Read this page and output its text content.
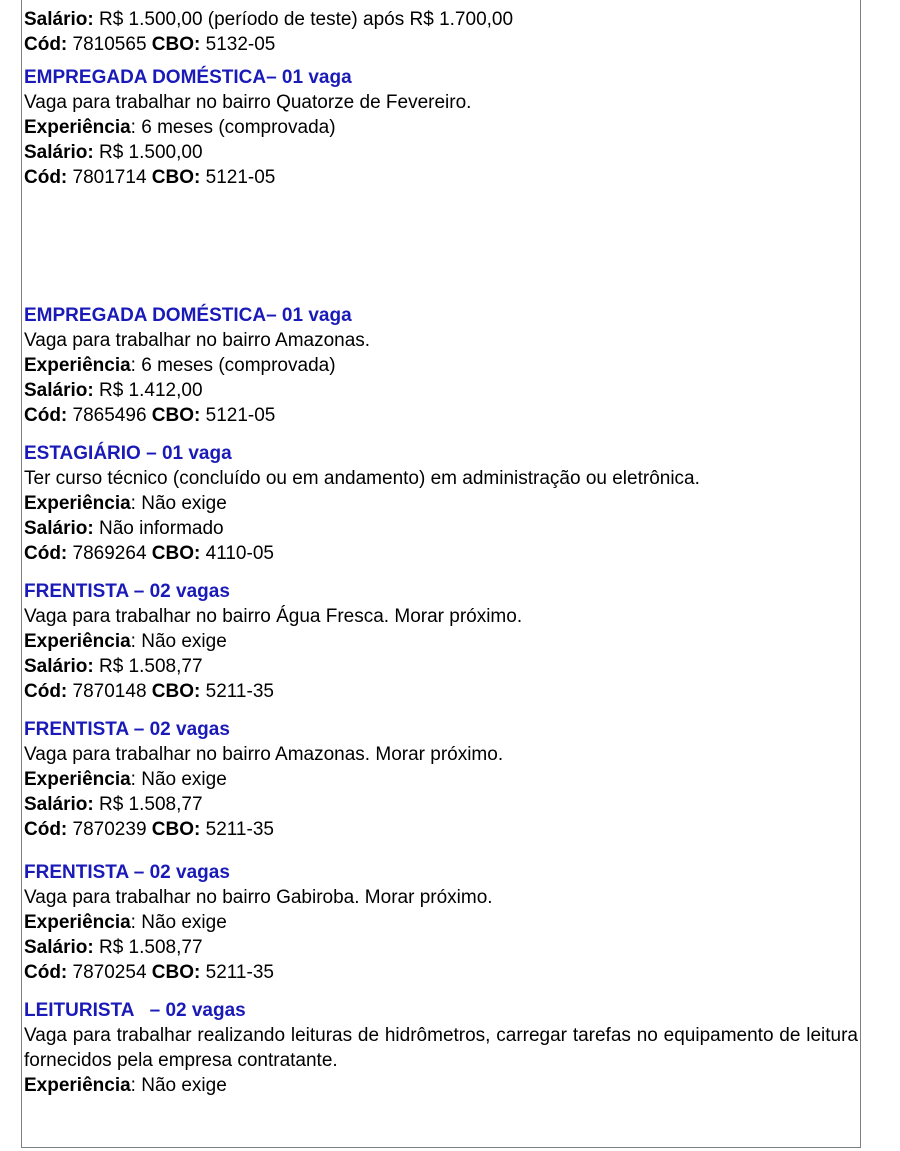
Salário: R$ 1.500,00 (período de teste) após R$ 1.700,00
Cód: 7810565 CBO: 5132-05
EMPREGADA DOMÉSTICA– 01 vaga
Vaga para trabalhar no bairro Quatorze de Fevereiro.
Experiência: 6 meses (comprovada)
Salário: R$ 1.500,00
Cód: 7801714 CBO: 5121-05
EMPREGADA DOMÉSTICA– 01 vaga
Vaga para trabalhar no bairro Amazonas.
Experiência: 6 meses (comprovada)
Salário: R$ 1.412,00
Cód: 7865496 CBO: 5121-05
ESTAGIÁRIO – 01 vaga
Ter curso técnico (concluído ou em andamento) em administração ou eletrônica.
Experiência: Não exige
Salário: Não informado
Cód: 7869264 CBO: 4110-05
FRENTISTA – 02 vagas
Vaga para trabalhar no bairro Água Fresca. Morar próximo.
Experiência: Não exige
Salário: R$ 1.508,77
Cód: 7870148 CBO: 5211-35
FRENTISTA – 02 vagas
Vaga para trabalhar no bairro Amazonas. Morar próximo.
Experiência: Não exige
Salário: R$ 1.508,77
Cód: 7870239 CBO: 5211-35
FRENTISTA – 02 vagas
Vaga para trabalhar no bairro Gabiroba. Morar próximo.
Experiência: Não exige
Salário: R$ 1.508,77
Cód: 7870254 CBO: 5211-35
LEITURISTA   – 02 vagas
Vaga para trabalhar realizando leituras de hidrômetros, carregar tarefas no equipamento de leitura fornecidos pela empresa contratante.
Experiência: Não exige
